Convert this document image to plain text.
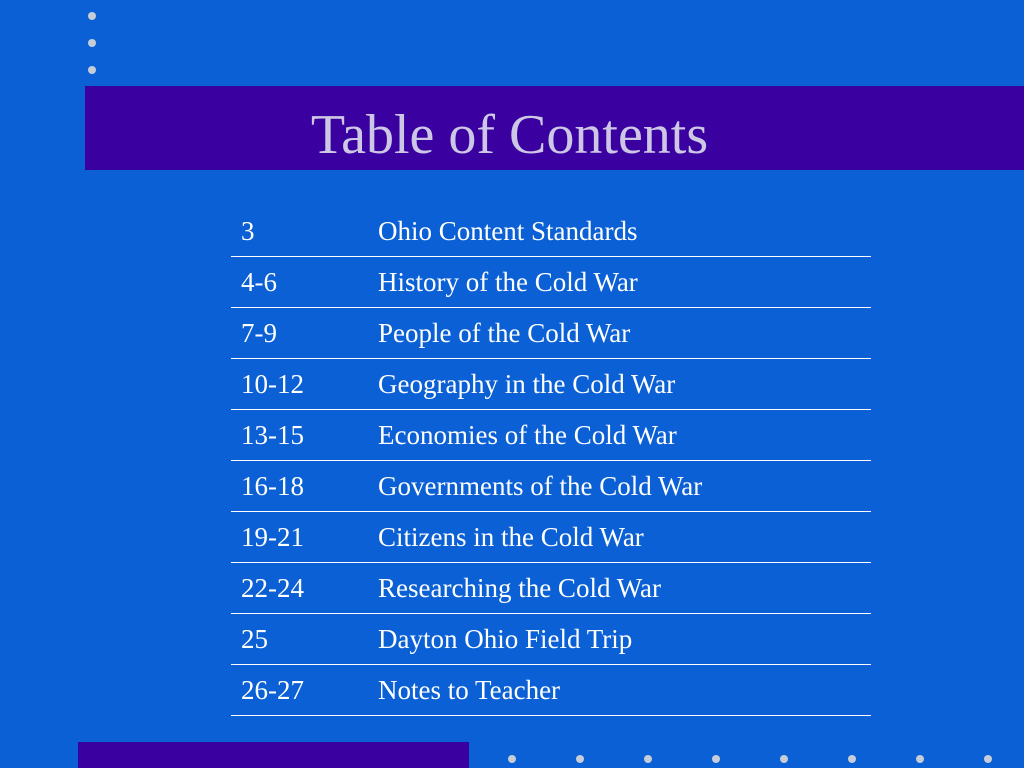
Table of Contents
3	Ohio Content Standards
4-6	History of the Cold War
7-9	People of the Cold War
10-12	Geography in the Cold War
13-15	Economies of the Cold War
16-18	Governments of the Cold War
19-21	Citizens in the Cold War
22-24	Researching the Cold War
25	Dayton Ohio Field Trip
26-27	Notes to Teacher
